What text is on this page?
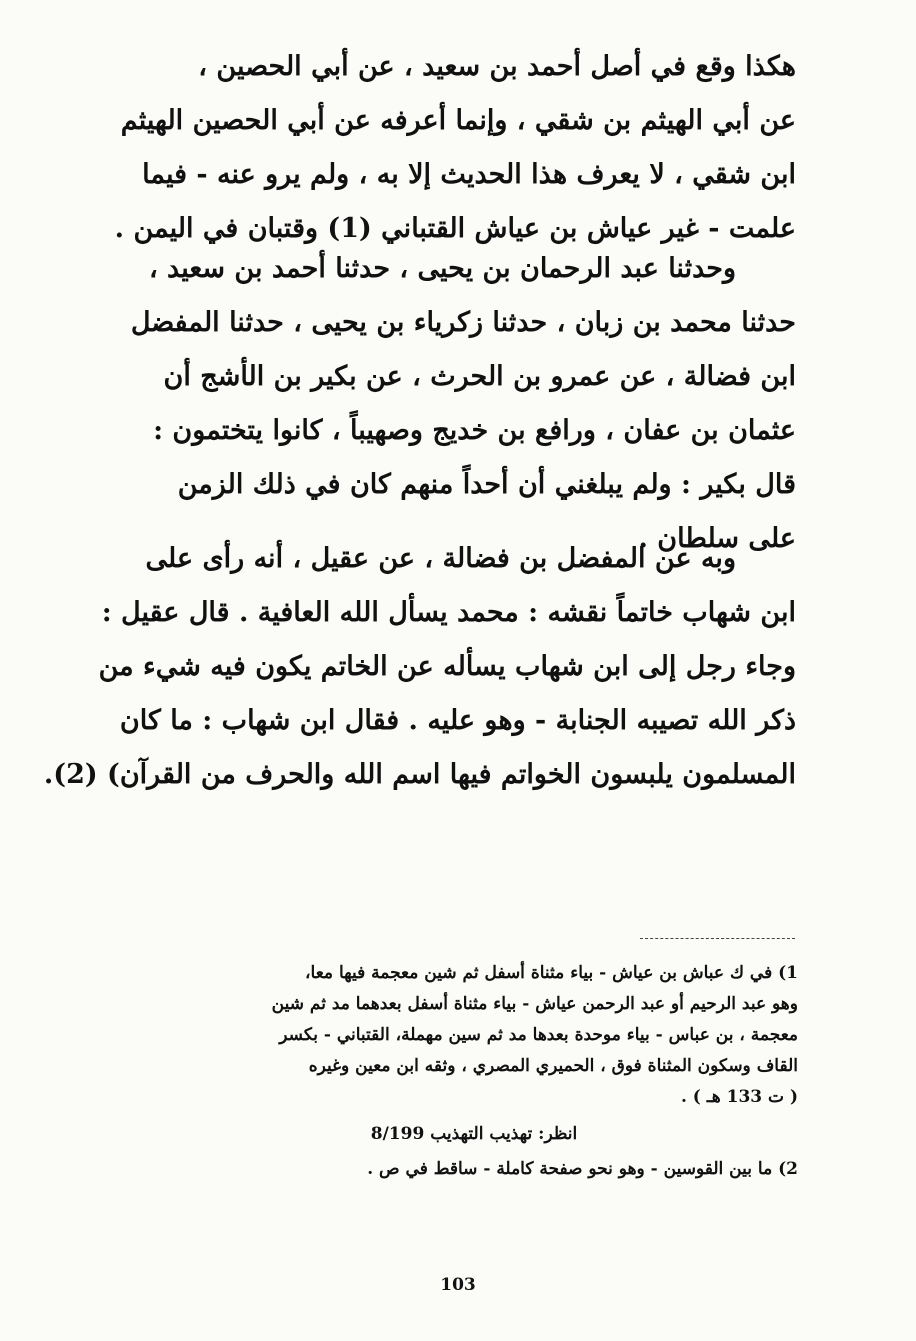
هكذا وقع في أصل أحمد بن سعيد ، عن أبي الحصين ،
عن أبي الهيثم بن شقي ، وإنما أعرفه عن أبي الحصين الهيثم
ابن شقي ، لا يعرف هذا الحديث إلا به ، ولم يرو عنه - فيما
علمت - غير عياش بن عياش القتباني (1) وقتبان في اليمن .
وحدثنا عبد الرحمان بن يحيى ، حدثنا أحمد بن سعيد ،
حدثنا محمد بن زبان ، حدثنا زكرياء بن يحيى ، حدثنا المفضل
ابن فضالة ، عن عمرو بن الحرث ، عن بكير بن الأشج أن
عثمان بن عفان ، ورافع بن خديج وصهيباً ، كانوا يتختمون :
قال بكير : ولم يبلغني أن أحداً منهم كان في ذلك الزمن
على سلطان .
وبه عن المفضل بن فضالة ، عن عقيل ، أنه رأى على
ابن شهاب خاتماً نقشه : محمد يسأل الله العافية . قال عقيل :
وجاء رجل إلى ابن شهاب يسأله عن الخاتم يكون فيه شيء من
ذكر الله تصيبه الجنابة - وهو عليه . فقال ابن شهاب : ما كان
المسلمون يلبسون الخواتم فيها اسم الله والحرف من القرآن) (2).
1) في ك عباش بن عياش - بياء مثناة أسفل ثم شين معجمة فيها معا،
وهو عبد الرحيم أو عبد الرحمن عياش - بياء مثناة أسفل بعدهما مد ثم شين
معجمة ، بن عباس - بياء موحدة بعدها مد ثم سين مهملة، القتباني - بكسر
القاف وسكون المثناة فوق ، الحميري المصري ، وثقه ابن معين وغيره
( ت 133 هـ ) .
انظر: تهذيب التهذيب 8/199
2) ما بين القوسين - وهو نحو صفحة كاملة - ساقط في ص .
103
